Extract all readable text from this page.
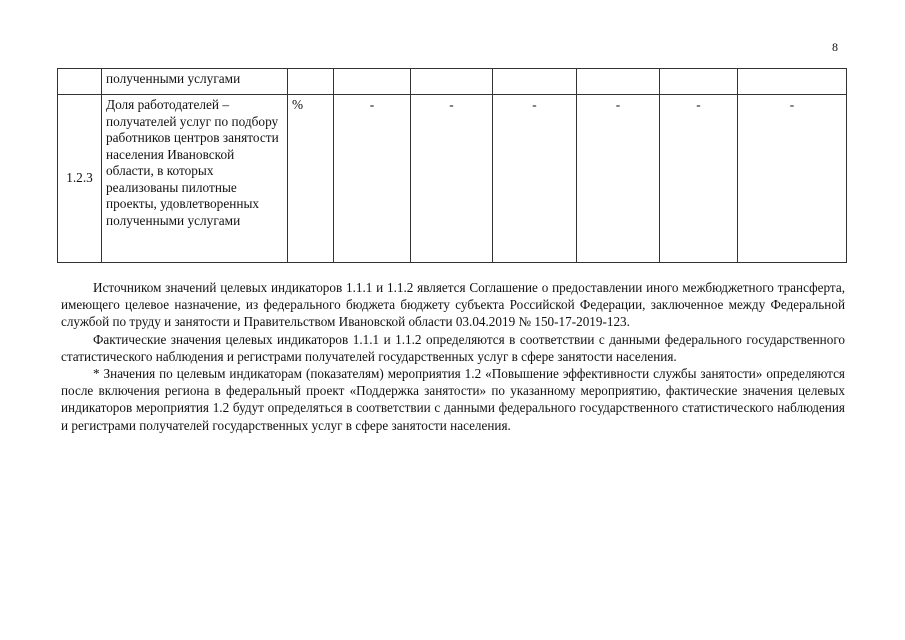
8
	полученными услугами							
1.2.3	Доля работодателей – получателей услуг по подбору работников центров занятости населения Ивановской области, в которых реализованы пилотные проекты, удовлетворенных полученными услугами	%	-	-	-	-	-	-

Источником значений целевых индикаторов 1.1.1 и 1.1.2 является Соглашение о предоставлении иного межбюджетного трансферта, имеющего целевое назначение, из федерального бюджета бюджету субъекта Российской Федерации, заключенное между Федеральной службой по труду и занятости и Правительством Ивановской области 03.04.2019 № 150-17-2019-123.

Фактические значения целевых индикаторов 1.1.1 и 1.1.2 определяются в соответствии с данными федерального государственного статистического наблюдения и регистрами получателей государственных услуг в сфере занятости населения.

* Значения по целевым индикаторам (показателям) мероприятия 1.2 «Повышение эффективности службы занятости» определяются после включения региона в федеральный проект «Поддержка занятости» по указанному мероприятию, фактические значения целевых индикаторов мероприятия 1.2 будут определяться в соответствии с данными федерального государственного статистического наблюдения и регистрами получателей государственных услуг в сфере занятости населения.
